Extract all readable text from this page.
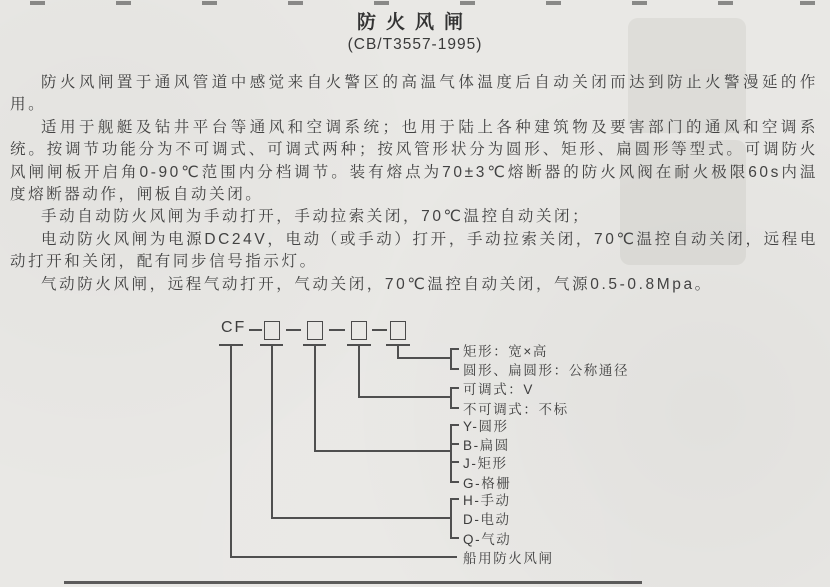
防火风闸
(CB/T3557-1995)

防火风闸置于通风管道中感觉来自火警区的高温气体温度后自动关闭而达到防止火警漫延的作用。

适用于舰艇及钻井平台等通风和空调系统；也用于陆上各种建筑物及要害部门的通风和空调系统。按调节功能分为不可调式、可调式两种；按风管形状分为圆形、矩形、扁圆形等型式。可调防火风闸闸板开启角0-90℃范围内分档调节。装有熔点为70±3℃熔断器的防火风阀在耐火极限60s内温度熔断器动作，闸板自动关闭。

手动自动防火风闸为手动打开，手动拉索关闭，70℃温控自动关闭；

电动防火风闸为电源DC24V，电动（或手动）打开，手动拉索关闭，70℃温控自动关闭，远程电动打开和关闭，配有同步信号指示灯。

气动防火风闸，远程气动打开，气动关闭，70℃温控自动关闭，气源0.5-0.8Mpa。

CF
矩形：宽×高
圆形、扁圆形：公称通径
可调式：V
不可调式：不标
Y-圆形
B-扁圆
J-矩形
G-格栅
H-手动
D-电动
Q-气动
船用防火风闸
